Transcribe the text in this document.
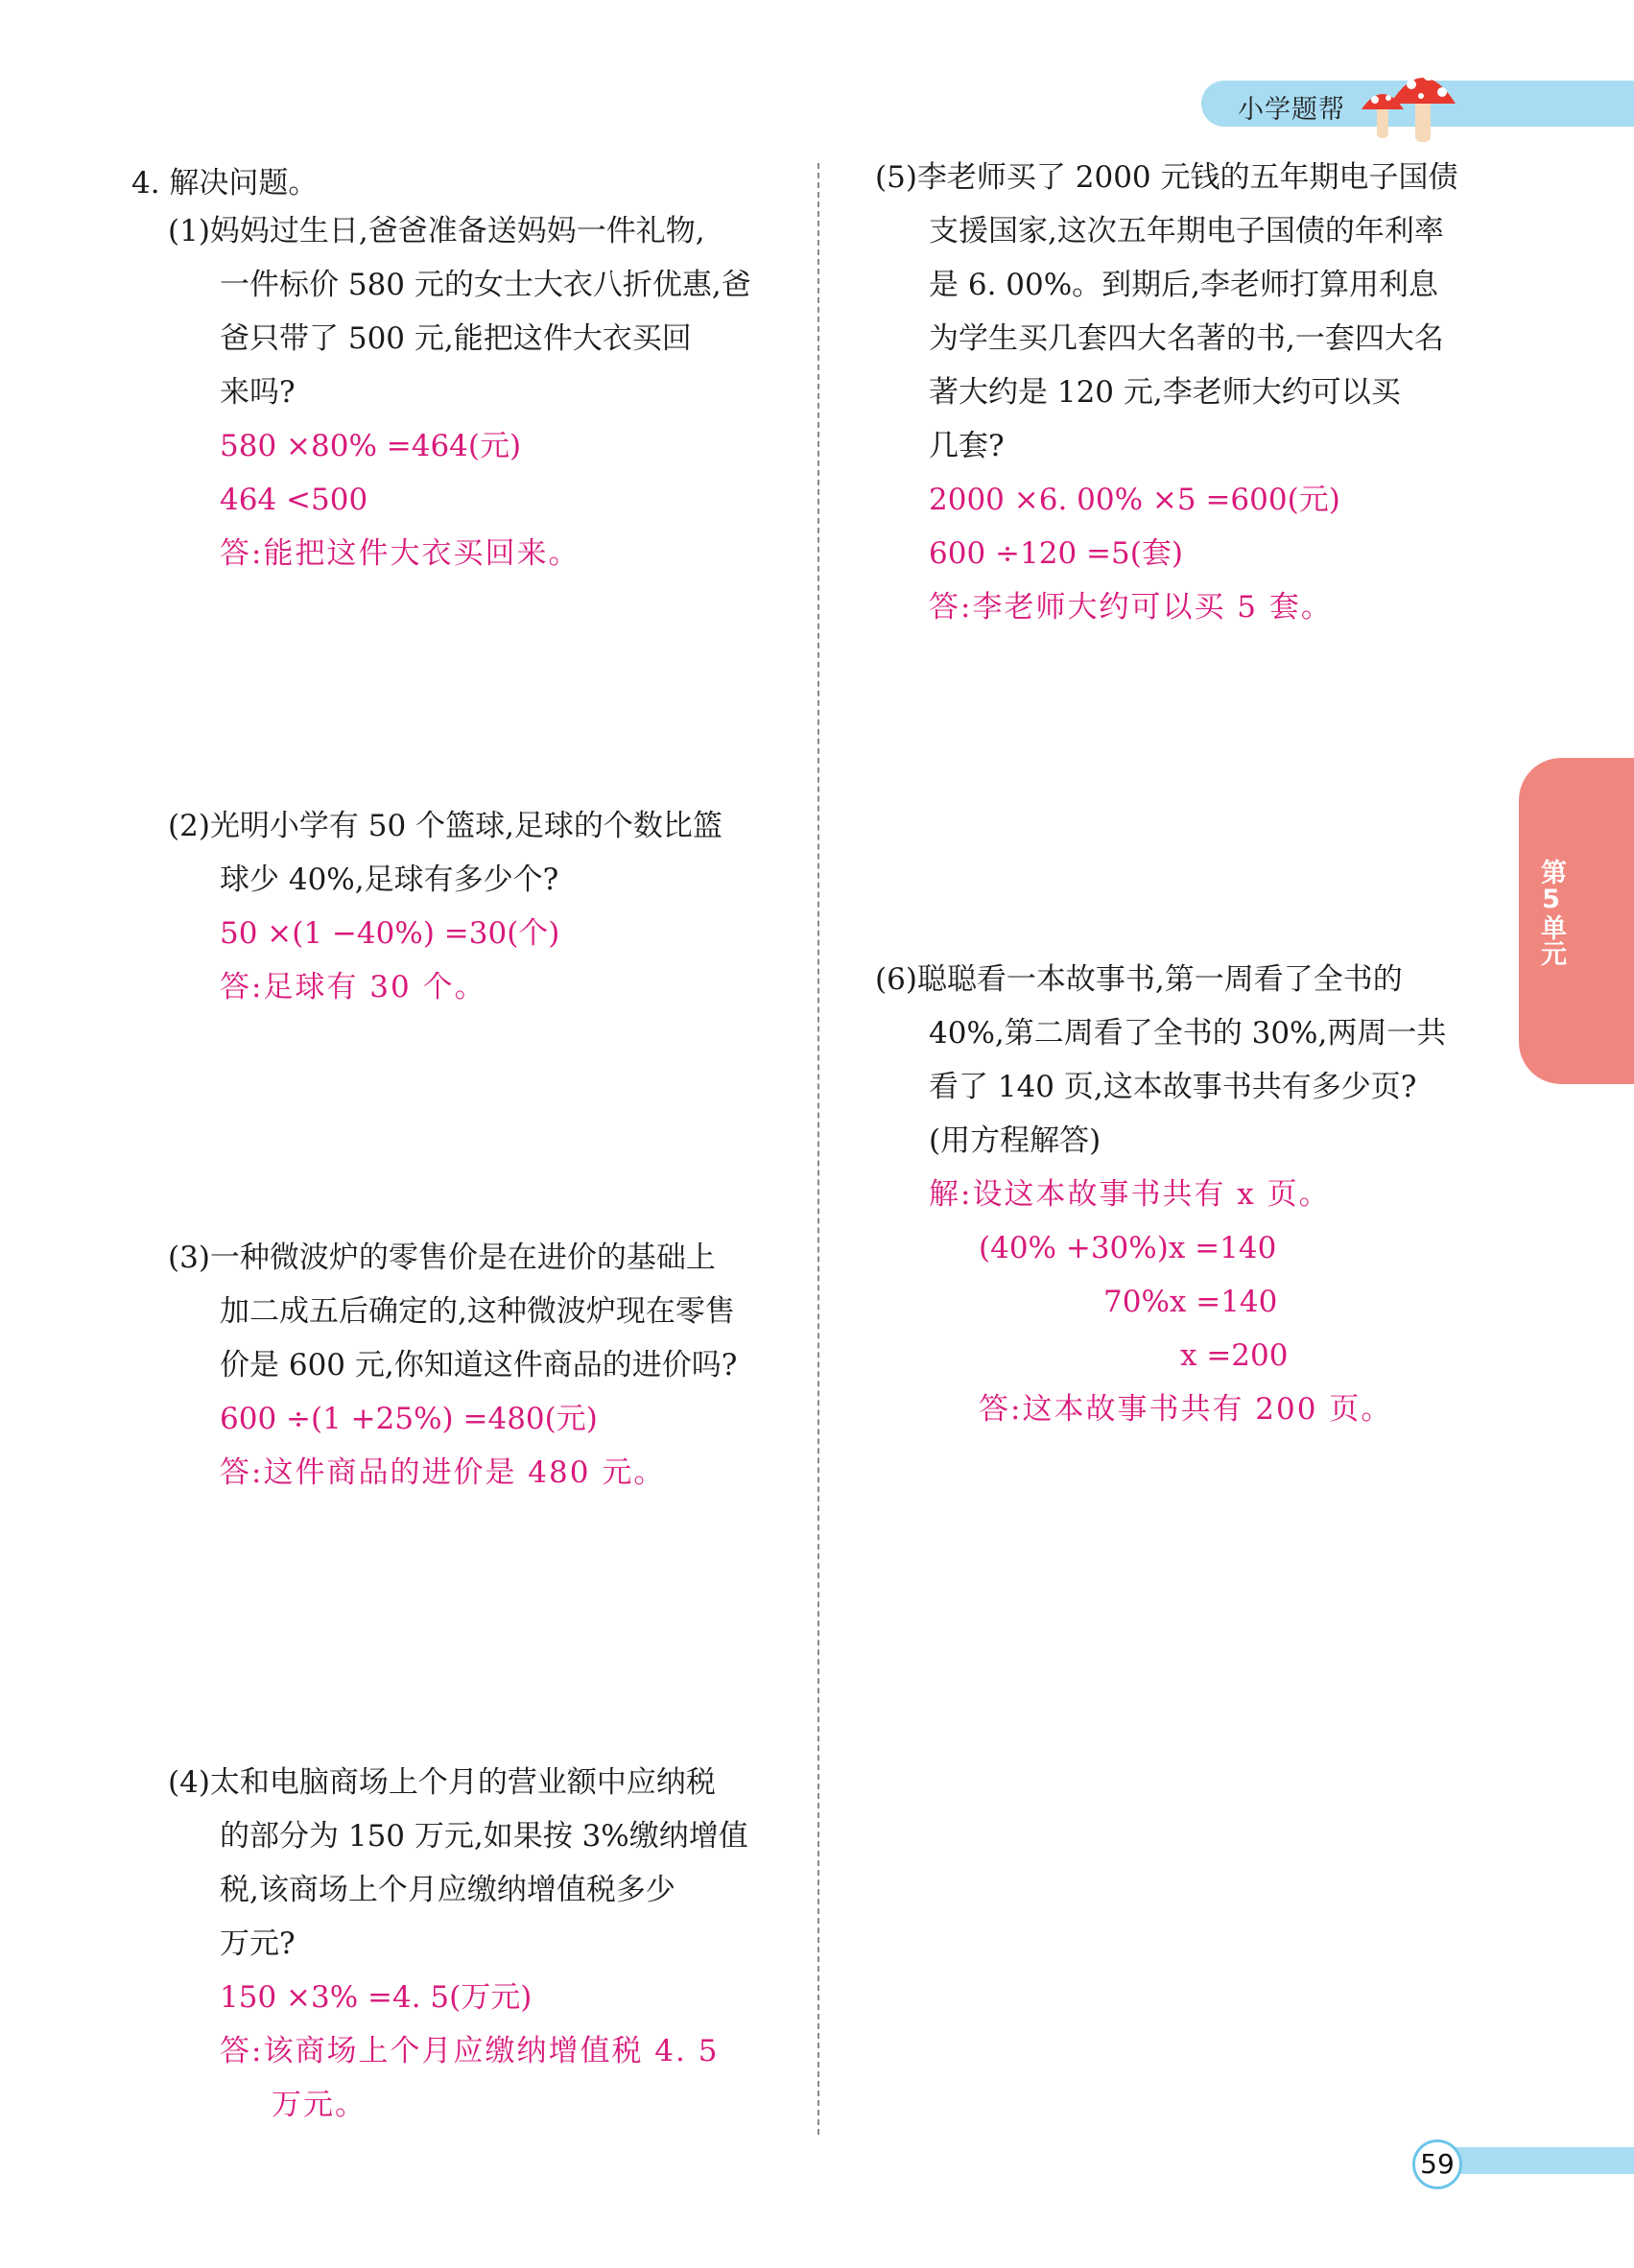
小学题帮
第5单元
4. 解决问题。
(1)妈妈过生日,爸爸准备送妈妈一件礼物,
一件标价 580 元的女士大衣八折优惠,爸
爸只带了 500 元,能把这件大衣买回
来吗?
580 ×80% =464(元)
464 <500
答:能把这件大衣买回来。
(2)光明小学有 50 个篮球,足球的个数比篮
球少 40%,足球有多少个?
50 ×(1 −40%) =30(个)
答:足球有 30 个。
(3)一种微波炉的零售价是在进价的基础上
加二成五后确定的,这种微波炉现在零售
价是 600 元,你知道这件商品的进价吗?
600 ÷(1 +25%) =480(元)
答:这件商品的进价是 480 元。
(4)太和电脑商场上个月的营业额中应纳税
的部分为 150 万元,如果按 3%缴纳增值
税,该商场上个月应缴纳增值税多少
万元?
150 ×3% =4. 5(万元)
答:该商场上个月应缴纳增值税 4. 5
万元。
(5)李老师买了 2000 元钱的五年期电子国债
支援国家,这次五年期电子国债的年利率
是 6. 00%。到期后,李老师打算用利息
为学生买几套四大名著的书,一套四大名
著大约是 120 元,李老师大约可以买
几套?
2000 ×6. 00% ×5 =600(元)
600 ÷120 =5(套)
答:李老师大约可以买 5 套。
(6)聪聪看一本故事书,第一周看了全书的
40%,第二周看了全书的 30%,两周一共
看了 140 页,这本故事书共有多少页?
(用方程解答)
解:设这本故事书共有 x 页。
(40% +30%)x =140
70%x =140
x =200
答:这本故事书共有 200 页。
59
